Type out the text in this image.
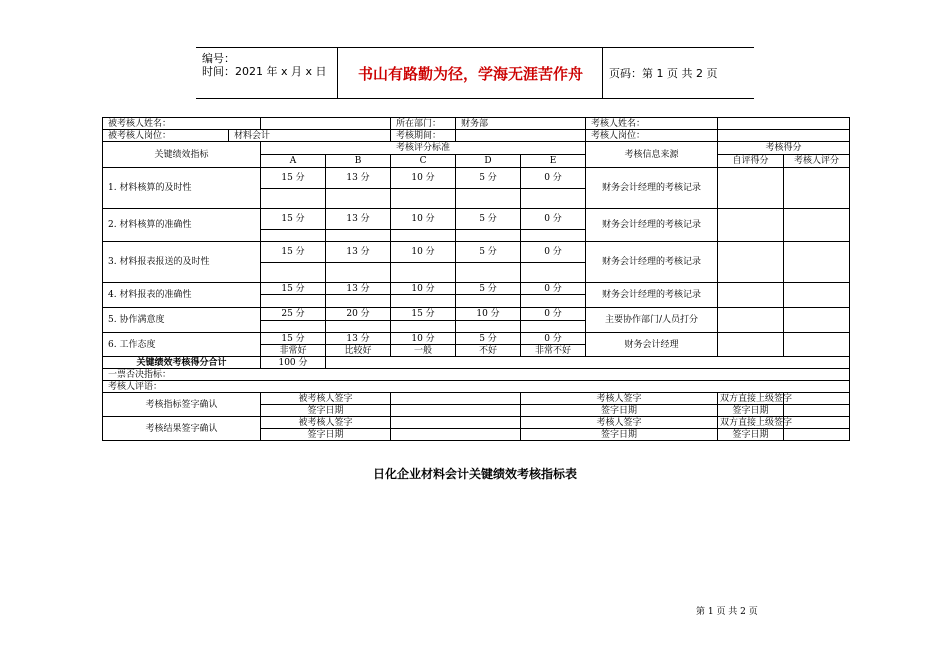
编号：
时间：2021 年 x 月 x 日	书山有路勤为径，学海无涯苦作舟	页码：第 1 页 共 2 页
被考核人姓名：				所在部门：	财务部		考核人姓名：		
被考核人岗位：	材料会计			考核期间：			考核人岗位：		
关键绩效指标		考核评分标准					考核信息来源	考核得分	
		A	B	C	D	E		自评得分	考核人评分
1. 材料核算的及时性		15 分	13 分	10 分	5 分	0 分	财务会计经理的考核记录		

2. 材料核算的准确性		15 分	13 分	10 分	5 分	0 分	财务会计经理的考核记录		

3. 材料报表报送的及时性		15 分	13 分	10 分	5 分	0 分	财务会计经理的考核记录		

4. 材料报表的准确性		15 分	13 分	10 分	5 分	0 分	财务会计经理的考核记录		

5. 协作满意度		25 分	20 分	15 分	10 分	0 分	主要协作部门/人员打分		

6. 工作态度		15 分	13 分	10 分	5 分	0 分	财务会计经理		
		非常好	比较好	一般	不好	非常不好			
关键绩效考核得分合计		100 分							
一票否决指标：									
考核人评语：									
考核指标签字确认		被考核人签字				考核人签字		双方直接上级签字	
		签字日期				签字日期		签字日期	
考核结果签字确认		被考核人签字				考核人签字		双方直接上级签字	
		签字日期				签字日期		签字日期	
日化企业材料会计关键绩效考核指标表
第 1 页 共 2 页
